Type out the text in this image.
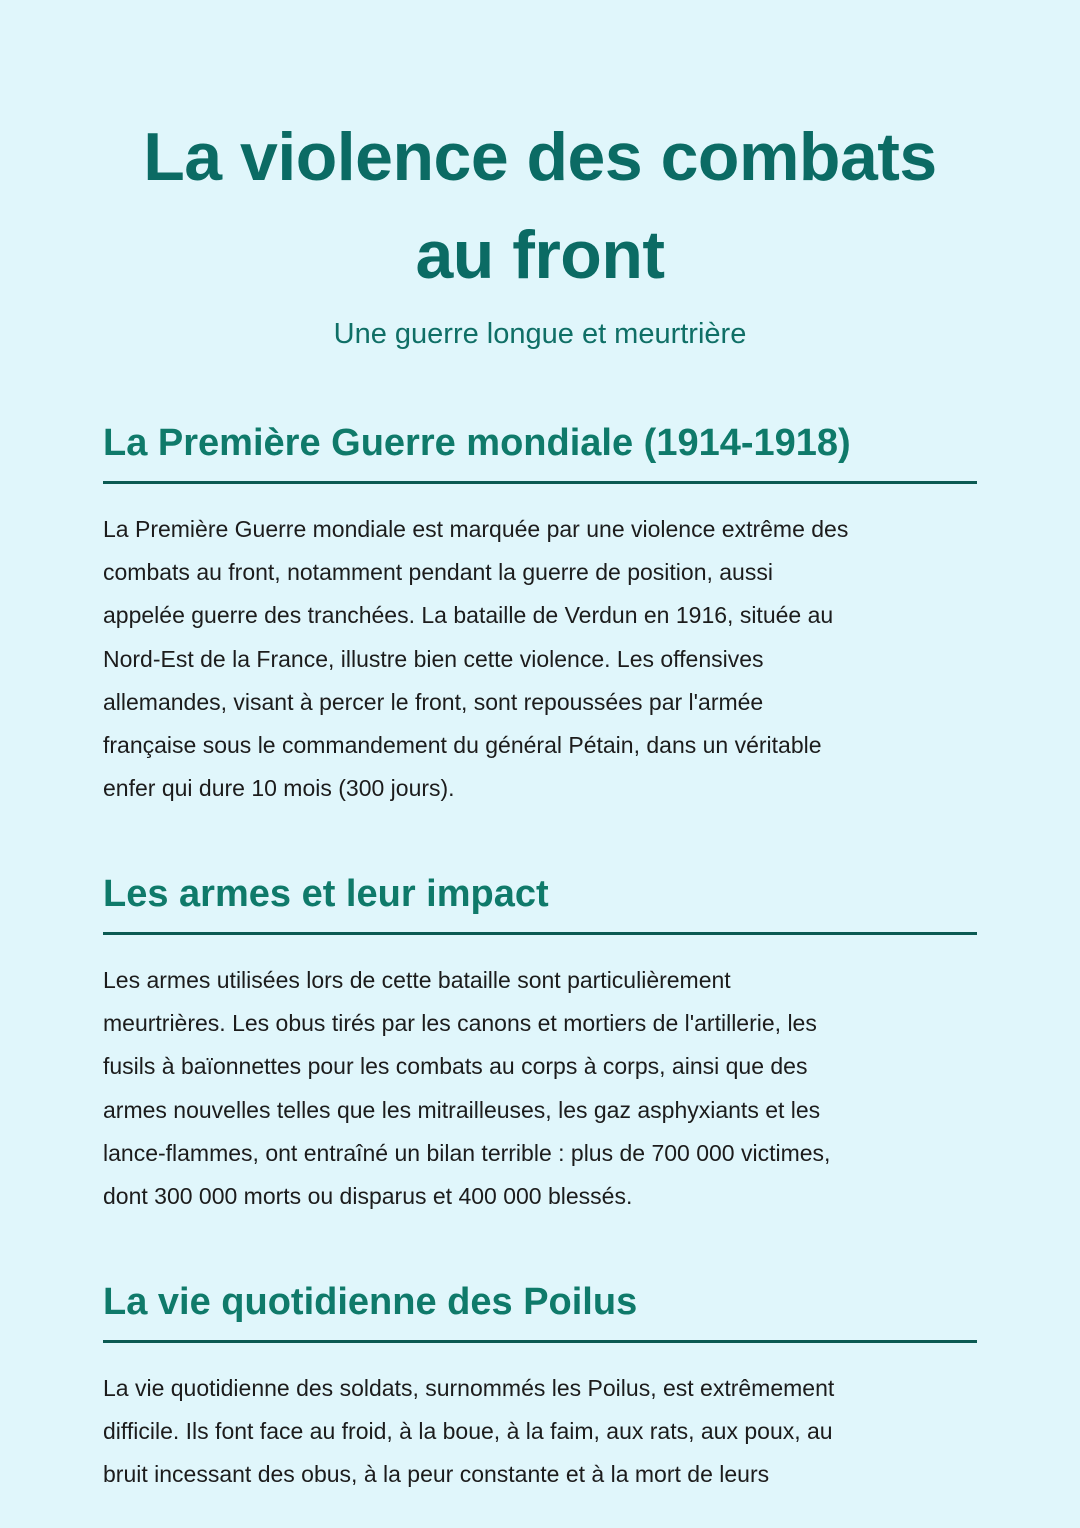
La violence des combats
au front

Une guerre longue et meurtrière

La Première Guerre mondiale (1914-1918)
La Première Guerre mondiale est marquée par une violence extrême des
combats au front, notamment pendant la guerre de position, aussi
appelée guerre des tranchées. La bataille de Verdun en 1916, située au
Nord-Est de la France, illustre bien cette violence. Les offensives
allemandes, visant à percer le front, sont repoussées par l'armée
française sous le commandement du général Pétain, dans un véritable
enfer qui dure 10 mois (300 jours).
Les armes et leur impact
Les armes utilisées lors de cette bataille sont particulièrement
meurtrières. Les obus tirés par les canons et mortiers de l'artillerie, les
fusils à baïonnettes pour les combats au corps à corps, ainsi que des
armes nouvelles telles que les mitrailleuses, les gaz asphyxiants et les
lance-flammes, ont entraîné un bilan terrible : plus de 700 000 victimes,
dont 300 000 morts ou disparus et 400 000 blessés.
La vie quotidienne des Poilus
La vie quotidienne des soldats, surnommés les Poilus, est extrêmement
difficile. Ils font face au froid, à la boue, à la faim, aux rats, aux poux, au
bruit incessant des obus, à la peur constante et à la mort de leurs
